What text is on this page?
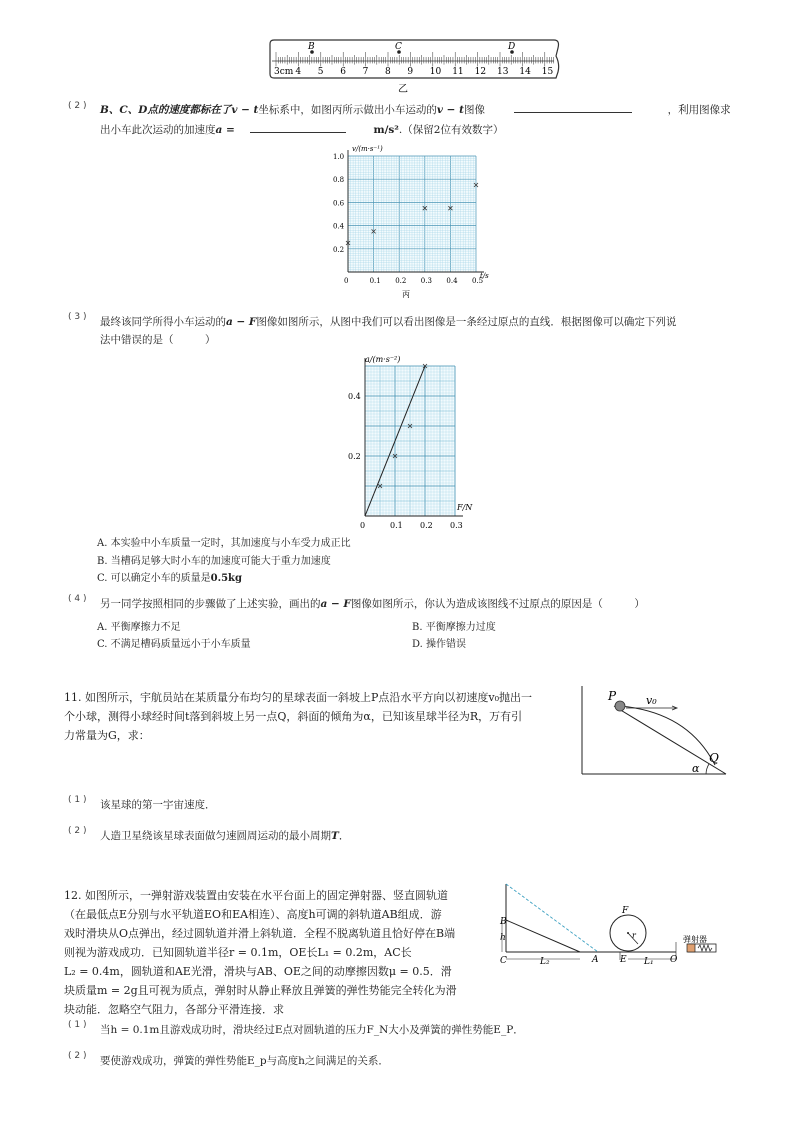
B	C	D
3cm 4 5 6 7 8 9 10 11 12 13 14 15
乙
( 2 ) B、C、D点的速度都标在了v − t坐标系中，如图丙所示做出小车运动的v − t图像	，利用图像求
出小车此次运动的加速度a =	m/s².（保留2位有效数字）
v/(m·s⁻¹)
t/s
0.2
0.4
0.6
0.8
1.0
0	0.1 0.2 0.3 0.4 0.5
丙
( 3 ) 最终该同学所得小车运动的a − F图像如图所示，从图中我们可以看出图像是一条经过原点的直线．根据图像可以确定下列说
法中错误的是（　　　）
a/(m·s⁻²)
F/N
0.2
0.4
0	0.1 0.2 0.3
A. 本实验中小车质量一定时，其加速度与小车受力成正比
B. 当槽码足够大时小车的加速度可能大于重力加速度
C. 可以确定小车的质量是0.5kg
( 4 ) 另一同学按照相同的步骤做了上述实验，画出的a − F图像如图所示，你认为造成该图线不过原点的原因是（　　　）
A. 平衡摩擦力不足	B. 平衡摩擦力过度
C. 不满足槽码质量远小于小车质量	D. 操作错误
11. 如图所示，宇航员站在某质量分布均匀的星球表面一斜坡上P点沿水平方向以初速度v₀抛出一
个小球，测得小球经时间t落到斜坡上另一点Q，斜面的倾角为α，已知该星球半径为R，万有引
力常量为G，求：
P	v₀
Q
α
( 1 ) 该星球的第一宇宙速度．
( 2 ) 人造卫星绕该星球表面做匀速圆周运动的最小周期T．
12. 如图所示，一弹射游戏装置由安装在水平台面上的固定弹射器、竖直圆轨道
（在最低点E分别与水平轨道EO和EA相连）、高度h可调的斜轨道AB组成．游
戏时滑块从O点弹出，经过圆轨道并滑上斜轨道．全程不脱离轨道且恰好停在B端
则视为游戏成功．已知圆轨道半径r = 0.1m，OE长L₁ = 0.2m，AC长
L₂ = 0.4m，圆轨道和AE光滑，滑块与AB、OE之间的动摩擦因数μ = 0.5．滑
块质量m = 2g且可视为质点，弹射时从静止释放且弹簧的弹性势能完全转化为滑
块动能．忽略空气阻力，各部分平滑连接．求
B
h
C	L₂	A E L₁ O
F
r	弹射器
( 1 ) 当h = 0.1m且游戏成功时，滑块经过E点对圆轨道的压力F_N大小及弹簧的弹性势能E_P．
( 2 ) 要使游戏成功，弹簧的弹性势能E_p与高度h之间满足的关系．
